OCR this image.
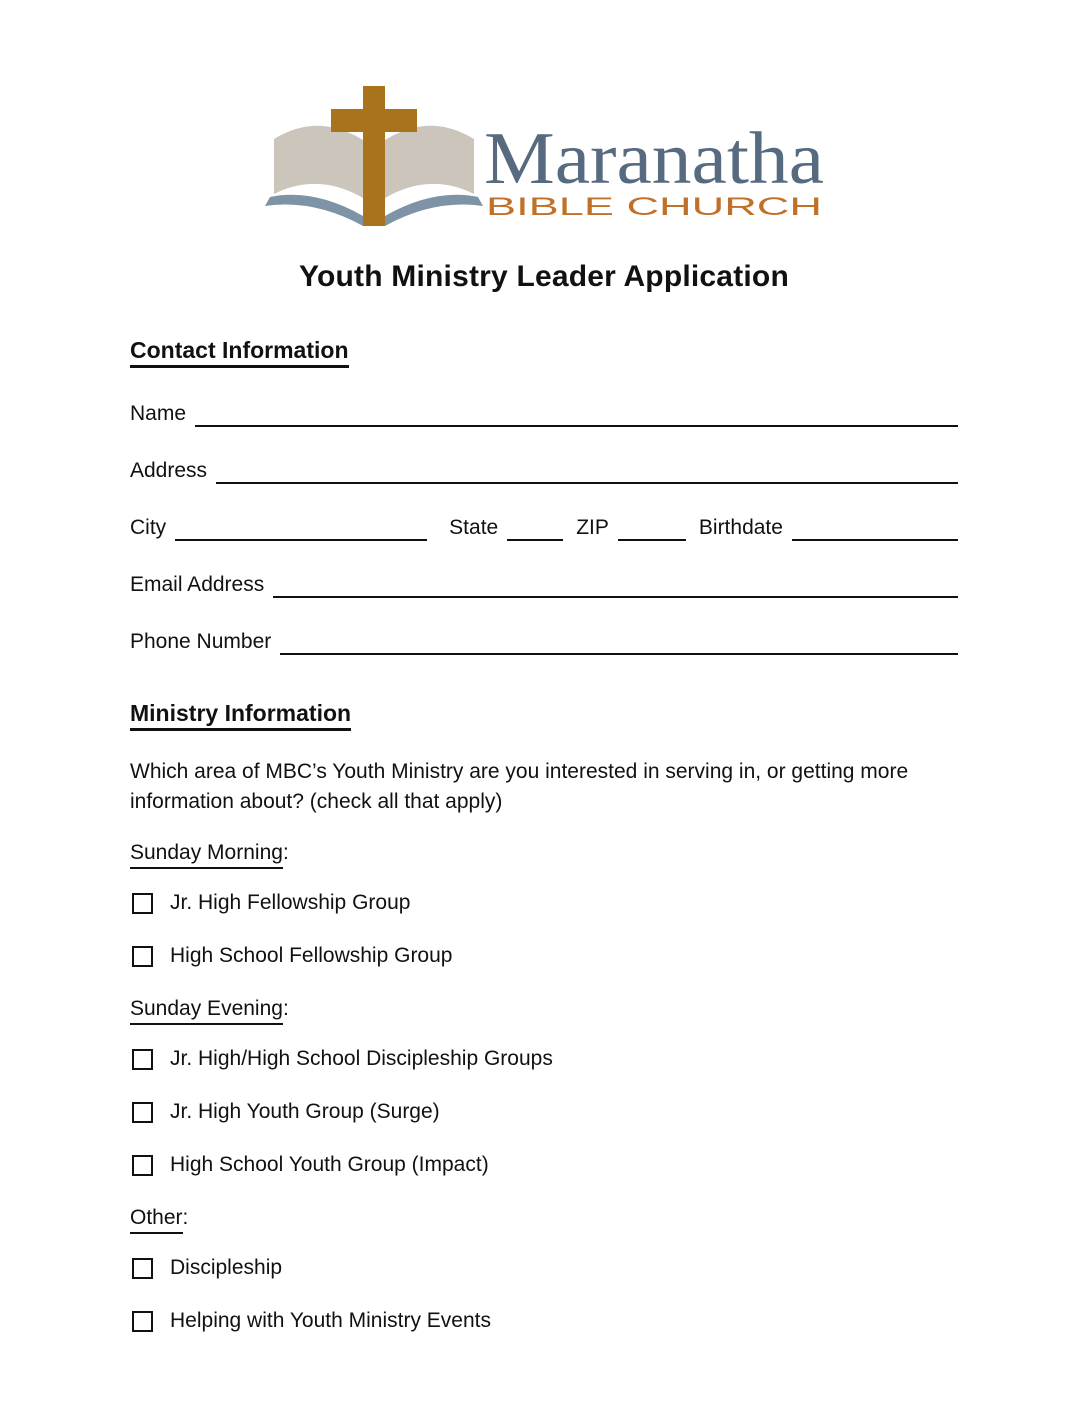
Maranatha
BIBLE CHURCH
Youth Ministry Leader Application
Contact Information
Name
Address
City	State	ZIP	Birthdate
Email Address
Phone Number
Ministry Information
Which area of MBC’s Youth Ministry are you interested in serving in, or getting more information about? (check all that apply)
Sunday Morning:
Jr. High Fellowship Group
High School Fellowship Group
Sunday Evening:
Jr. High/High School Discipleship Groups
Jr. High Youth Group (Surge)
High School Youth Group (Impact)
Other:
Discipleship
Helping with Youth Ministry Events
